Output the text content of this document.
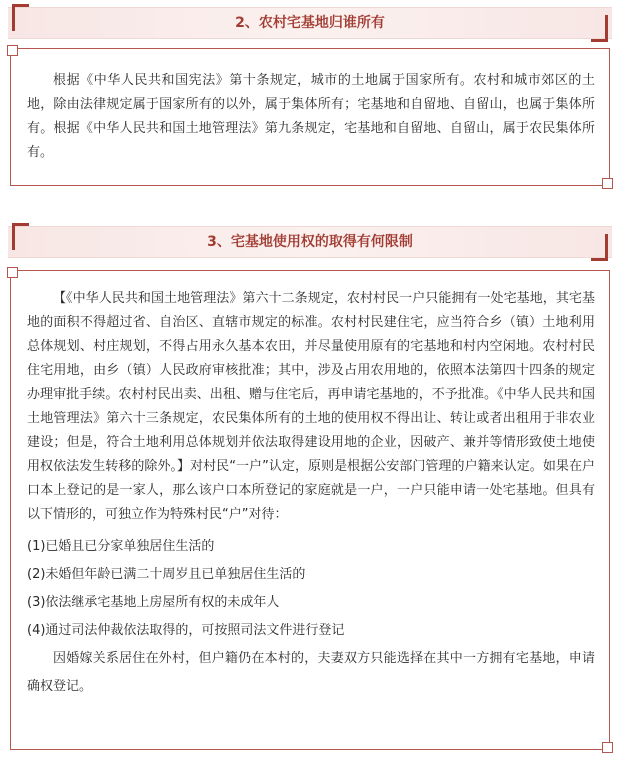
2、农村宅基地归谁所有

根据《中华人民共和国宪法》第十条规定，城市的土地属于国家所有。农村和城市郊区的土地，除由法律规定属于国家所有的以外，属于集体所有；宅基地和自留地、自留山，也属于集体所有。根据《中华人民共和国土地管理法》第九条规定，宅基地和自留地、自留山，属于农民集体所有。

3、宅基地使用权的取得有何限制

【《中华人民共和国土地管理法》第六十二条规定，农村村民一户只能拥有一处宅基地，其宅基地的面积不得超过省、自治区、直辖市规定的标准。农村村民建住宅，应当符合乡（镇）土地利用总体规划、村庄规划，不得占用永久基本农田，并尽量使用原有的宅基地和村内空闲地。农村村民住宅用地，由乡（镇）人民政府审核批准；其中，涉及占用农用地的，依照本法第四十四条的规定办理审批手续。农村村民出卖、出租、赠与住宅后，再申请宅基地的，不予批准。《中华人民共和国土地管理法》第六十三条规定，农民集体所有的土地的使用权不得出让、转让或者出租用于非农业建设；但是，符合土地利用总体规划并依法取得建设用地的企业，因破产、兼并等情形致使土地使用权依法发生转移的除外。】对村民“一户”认定，原则是根据公安部门管理的户籍来认定。如果在户口本上登记的是一家人，那么该户口本所登记的家庭就是一户，一户只能申请一处宅基地。但具有以下情形的，可独立作为特殊村民“户”对待：

(1)已婚且已分家单独居住生活的

(2)未婚但年龄已满二十周岁且已单独居住生活的

(3)依法继承宅基地上房屋所有权的未成年人

(4)通过司法仲裁依法取得的，可按照司法文件进行登记

因婚嫁关系居住在外村，但户籍仍在本村的，夫妻双方只能选择在其中一方拥有宅基地，申请确权登记。
